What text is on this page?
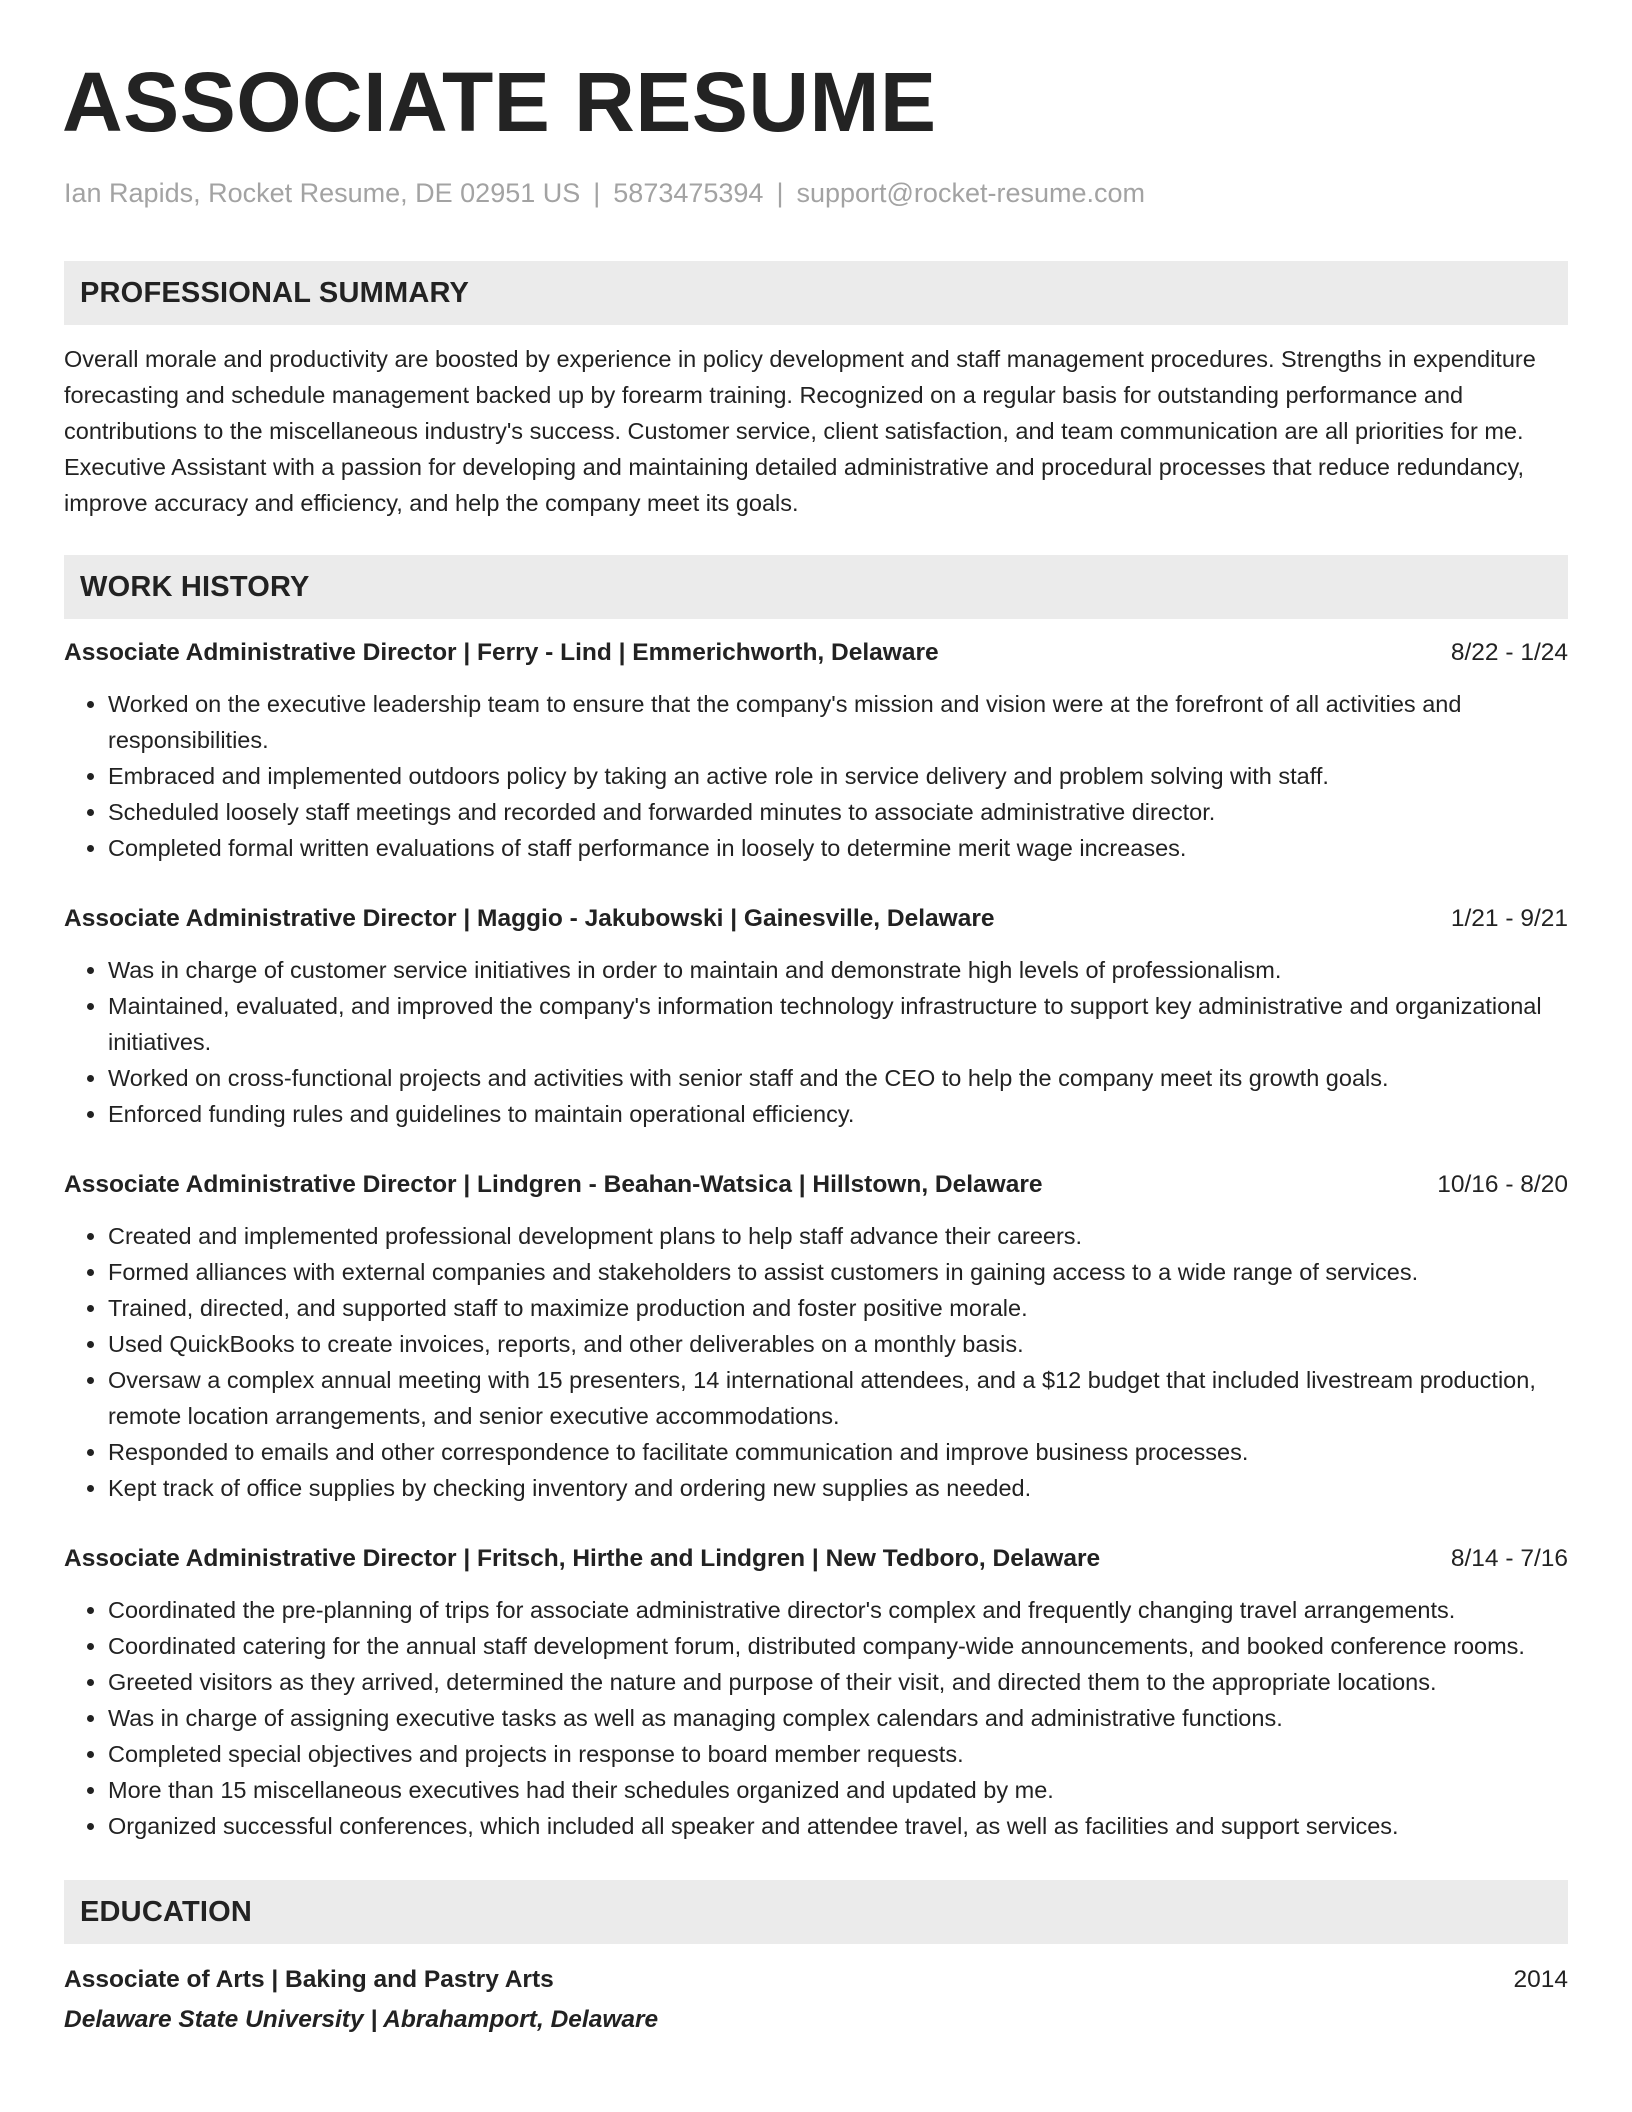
ASSOCIATE RESUME
Ian Rapids, Rocket Resume, DE 02951 US | 5873475394 | support@rocket-resume.com
PROFESSIONAL SUMMARY
Overall morale and productivity are boosted by experience in policy development and staff management procedures. Strengths in expenditure forecasting and schedule management backed up by forearm training. Recognized on a regular basis for outstanding performance and contributions to the miscellaneous industry's success. Customer service, client satisfaction, and team communication are all priorities for me. Executive Assistant with a passion for developing and maintaining detailed administrative and procedural processes that reduce redundancy, improve accuracy and efficiency, and help the company meet its goals.
WORK HISTORY
Associate Administrative Director | Ferry - Lind | Emmerichworth, Delaware	8/22 - 1/24
• Worked on the executive leadership team to ensure that the company's mission and vision were at the forefront of all activities and responsibilities.
• Embraced and implemented outdoors policy by taking an active role in service delivery and problem solving with staff.
• Scheduled loosely staff meetings and recorded and forwarded minutes to associate administrative director.
• Completed formal written evaluations of staff performance in loosely to determine merit wage increases.
Associate Administrative Director | Maggio - Jakubowski | Gainesville, Delaware	1/21 - 9/21
• Was in charge of customer service initiatives in order to maintain and demonstrate high levels of professionalism.
• Maintained, evaluated, and improved the company's information technology infrastructure to support key administrative and organizational initiatives.
• Worked on cross-functional projects and activities with senior staff and the CEO to help the company meet its growth goals.
• Enforced funding rules and guidelines to maintain operational efficiency.
Associate Administrative Director | Lindgren - Beahan-Watsica | Hillstown, Delaware	10/16 - 8/20
• Created and implemented professional development plans to help staff advance their careers.
• Formed alliances with external companies and stakeholders to assist customers in gaining access to a wide range of services.
• Trained, directed, and supported staff to maximize production and foster positive morale.
• Used QuickBooks to create invoices, reports, and other deliverables on a monthly basis.
• Oversaw a complex annual meeting with 15 presenters, 14 international attendees, and a $12 budget that included livestream production, remote location arrangements, and senior executive accommodations.
• Responded to emails and other correspondence to facilitate communication and improve business processes.
• Kept track of office supplies by checking inventory and ordering new supplies as needed.
Associate Administrative Director | Fritsch, Hirthe and Lindgren | New Tedboro, Delaware	8/14 - 7/16
• Coordinated the pre-planning of trips for associate administrative director's complex and frequently changing travel arrangements.
• Coordinated catering for the annual staff development forum, distributed company-wide announcements, and booked conference rooms.
• Greeted visitors as they arrived, determined the nature and purpose of their visit, and directed them to the appropriate locations.
• Was in charge of assigning executive tasks as well as managing complex calendars and administrative functions.
• Completed special objectives and projects in response to board member requests.
• More than 15 miscellaneous executives had their schedules organized and updated by me.
• Organized successful conferences, which included all speaker and attendee travel, as well as facilities and support services.
EDUCATION
Associate of Arts | Baking and Pastry Arts	2014
Delaware State University | Abrahamport, Delaware
